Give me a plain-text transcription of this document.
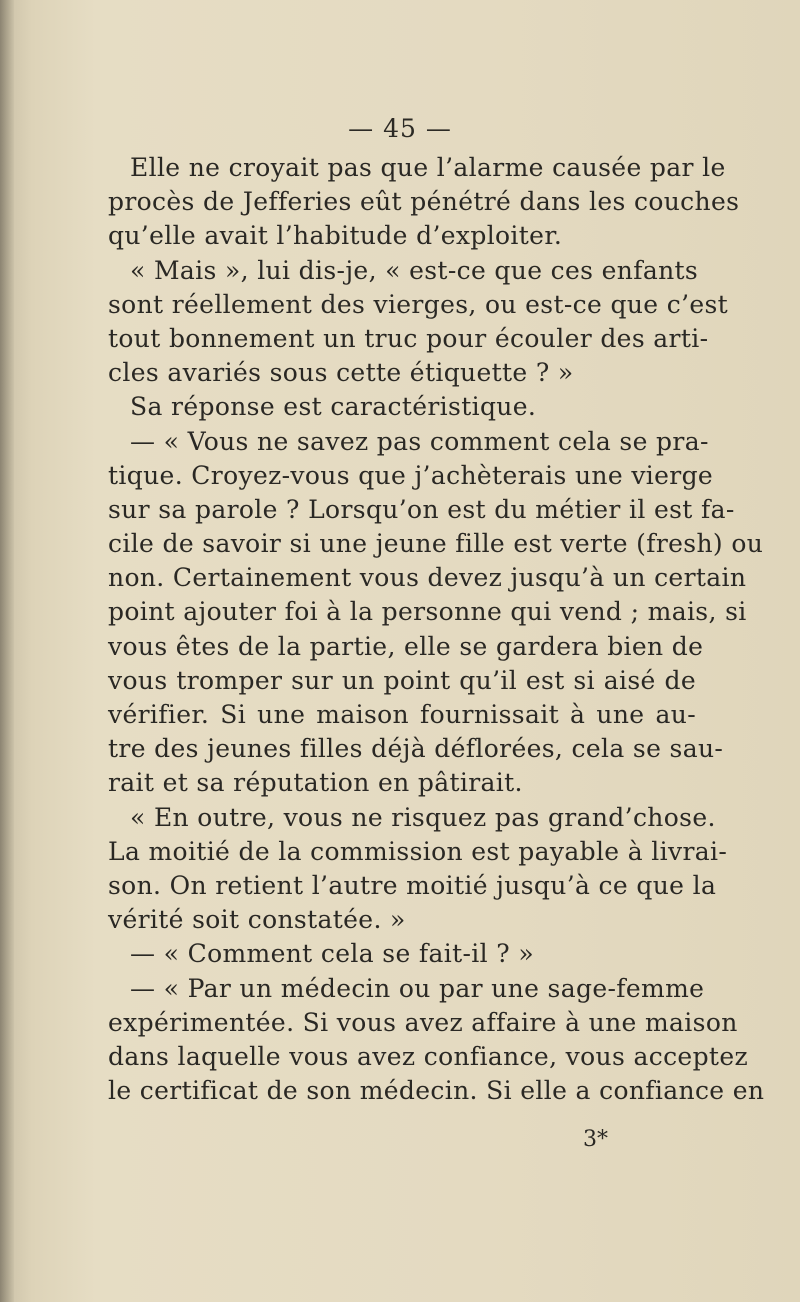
— 45 —
Elle ne croyait pas que l’alarme causée par le
procès de Jefferies eût pénétré dans les couches
qu’elle avait l’habitude d’exploiter.
« Mais », lui dis-je, « est-ce que ces enfants
sont réellement des vierges, ou est-ce que c’est
tout bonnement un truc pour écouler des arti-
cles avariés sous cette étiquette ? »
Sa réponse est caractéristique.
— « Vous ne savez pas comment cela se pra-
tique. Croyez-vous que j’achèterais une vierge
sur sa parole ? Lorsqu’on est du métier il est fa-
cile de savoir si une jeune fille est verte (fresh) ou
non. Certainement vous devez jusqu’à un certain
point ajouter foi à la personne qui vend ; mais, si
vous êtes de la partie, elle se gardera bien de
vous tromper sur un point qu’il est si aisé de
vérifier. Si une maison fournissait à une au-
tre des jeunes filles déjà déflorées, cela se sau-
rait et sa réputation en pâtirait.
« En outre, vous ne risquez pas grand’chose.
La moitié de la commission est payable à livrai-
son. On retient l’autre moitié jusqu’à ce que la
vérité soit constatée. »
— « Comment cela se fait-il ? »
— « Par un médecin ou par une sage-femme
expérimentée. Si vous avez affaire à une maison
dans laquelle vous avez confiance, vous acceptez
le certificat de son médecin. Si elle a confiance en
3*
